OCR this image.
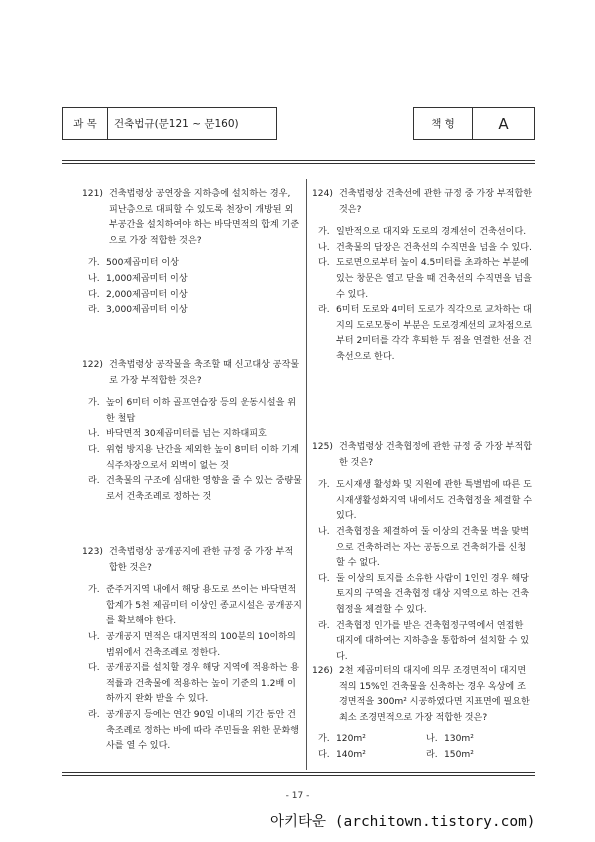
과 목	건축법규(문121 ~ 문160)	책 형	A
121) 건축법령상 공연장을 지하층에 설치하는 경우, 피난층으로 대피할 수 있도록 천장이 개방된 외부공간을 설치하여야 하는 바닥면적의 합계 기준으로 가장 적합한 것은?
가. 500제곱미터 이상
나. 1,000제곱미터 이상
다. 2,000제곱미터 이상
라. 3,000제곱미터 이상
122) 건축법령상 공작물을 축조할 때 신고대상 공작물로 가장 부적합한 것은?
가. 높이 6미터 이하 골프연습장 등의 운동시설을 위한 철탑
나. 바닥면적 30제곱미터를 넘는 지하대피호
다. 위험 방지용 난간을 제외한 높이 8미터 이하 기계식주차장으로서 외벽이 없는 것
라. 건축물의 구조에 심대한 영향을 줄 수 있는 중량물로서 건축조례로 정하는 것
123) 건축법령상 공개공지에 관한 규정 중 가장 부적합한 것은?
가. 준주거지역 내에서 해당 용도로 쓰이는 바닥면적 합계가 5천 제곱미터 이상인 종교시설은 공개공지를 확보해야 한다.
나. 공개공지 면적은 대지면적의 100분의 10이하의 범위에서 건축조례로 정한다.
다. 공개공지를 설치할 경우 해당 지역에 적용하는 용적률과 건축물에 적용하는 높이 기준의 1.2배 이하까지 완화 받을 수 있다.
라. 공개공지 등에는 연간 90일 이내의 기간 동안 건축조례로 정하는 바에 따라 주민들을 위한 문화행사를 열 수 있다.
124) 건축법령상 건축선에 관한 규정 중 가장 부적합한 것은?
가. 일반적으로 대지와 도로의 경계선이 건축선이다.
나. 건축물의 담장은 건축선의 수직면을 넘을 수 있다.
다. 도로면으로부터 높이 4.5미터를 초과하는 부분에 있는 창문은 열고 닫을 때 건축선의 수직면을 넘을 수 있다.
라. 6미터 도로와 4미터 도로가 직각으로 교차하는 대지의 도로모퉁이 부분은 도로경계선의 교차점으로부터 2미터를 각각 후퇴한 두 점을 연결한 선을 건축선으로 한다.
125) 건축법령상 건축협정에 관한 규정 중 가장 부적합한 것은?
가. 도시재생 활성화 및 지원에 관한 특별법에 따른 도시재생활성화지역 내에서도 건축협정을 체결할 수 있다.
나. 건축협정을 체결하여 둘 이상의 건축물 벽을 맞벽으로 건축하려는 자는 공동으로 건축허가를 신청할 수 없다.
다. 둘 이상의 토지를 소유한 사람이 1인인 경우 해당 토지의 구역을 건축협정 대상 지역으로 하는 건축협정을 체결할 수 있다.
라. 건축협정 인가를 받은 건축협정구역에서 연접한 대지에 대하여는 지하층을 통합하여 설치할 수 있다.
126) 2천 제곱미터의 대지에 의무 조경면적이 대지면적의 15%인 건축물을 신축하는 경우 옥상에 조경면적을 300m² 시공하였다면 지표면에 필요한 최소 조경면적으로 가장 적합한 것은?
가. 120m²	나. 130m²
다. 140m²	라. 150m²
- 17 -
아키타운 (architown.tistory.com)
